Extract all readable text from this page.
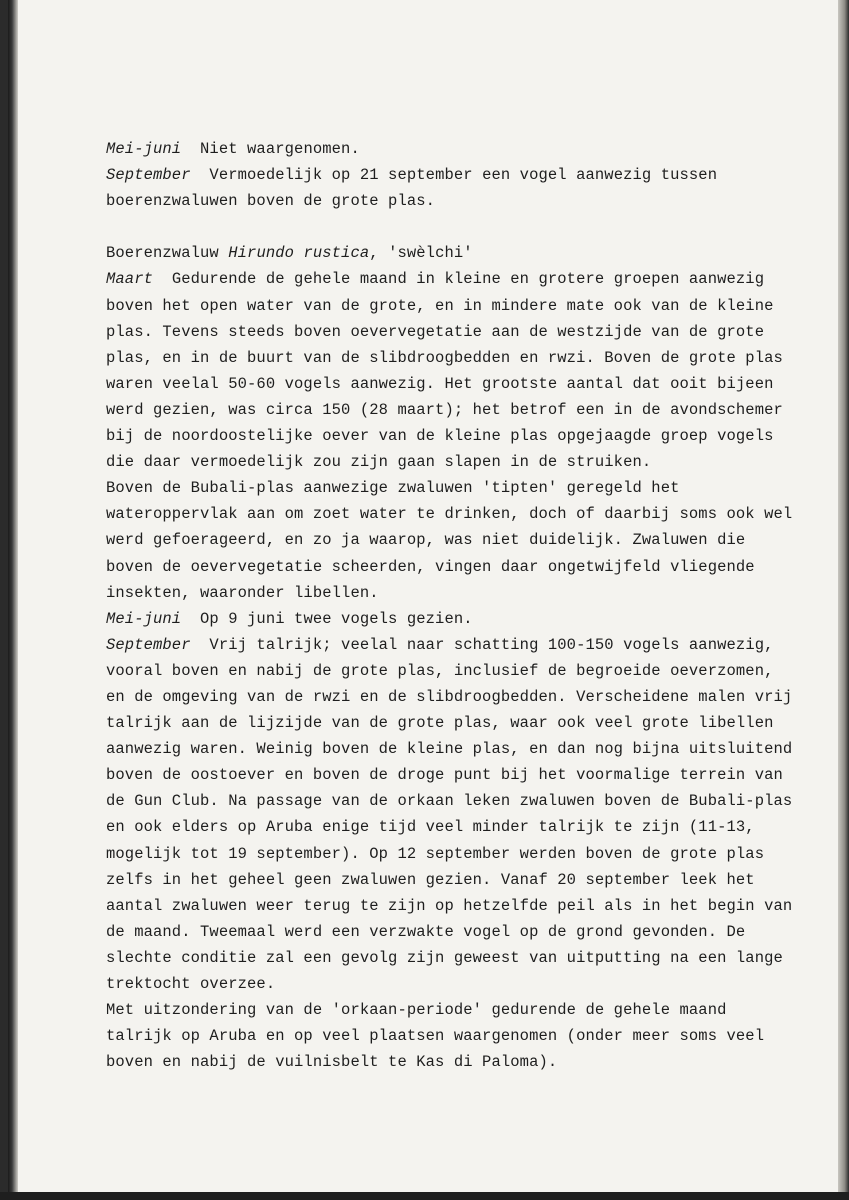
Mei-juni  Niet waargenomen.
September  Vermoedelijk op 21 september een vogel aanwezig tussen
boerenzwaluwen boven de grote plas.
Boerenzwaluw Hirundo rustica, 'swèlchi'
Maart  Gedurende de gehele maand in kleine en grotere groepen aanwezig
boven het open water van de grote, en in mindere mate ook van de kleine
plas. Tevens steeds boven oevervegetatie aan de westzijde van de grote
plas, en in de buurt van de slibdroogbedden en rwzi. Boven de grote plas
waren veelal 50-60 vogels aanwezig. Het grootste aantal dat ooit bijeen
werd gezien, was circa 150 (28 maart); het betrof een in de avondschemer
bij de noordoostelijke oever van de kleine plas opgejaagde groep vogels
die daar vermoedelijk zou zijn gaan slapen in de struiken.
Boven de Bubali-plas aanwezige zwaluwen 'tipten' geregeld het
wateroppervlak aan om zoet water te drinken, doch of daarbij soms ook wel
werd gefoerageerd, en zo ja waarop, was niet duidelijk. Zwaluwen die
boven de oevervegetatie scheerden, vingen daar ongetwijfeld vliegende
insekten, waaronder libellen.
Mei-juni  Op 9 juni twee vogels gezien.
September  Vrij talrijk; veelal naar schatting 100-150 vogels aanwezig,
vooral boven en nabij de grote plas, inclusief de begroeide oeverzomen,
en de omgeving van de rwzi en de slibdroogbedden. Verscheidene malen vrij
talrijk aan de lijzijde van de grote plas, waar ook veel grote libellen
aanwezig waren. Weinig boven de kleine plas, en dan nog bijna uitsluitend
boven de oostoever en boven de droge punt bij het voormalige terrein van
de Gun Club. Na passage van de orkaan leken zwaluwen boven de Bubali-plas
en ook elders op Aruba enige tijd veel minder talrijk te zijn (11-13,
mogelijk tot 19 september). Op 12 september werden boven de grote plas
zelfs in het geheel geen zwaluwen gezien. Vanaf 20 september leek het
aantal zwaluwen weer terug te zijn op hetzelfde peil als in het begin van
de maand. Tweemaal werd een verzwakte vogel op de grond gevonden. De
slechte conditie zal een gevolg zijn geweest van uitputting na een lange
trektocht overzee.
Met uitzondering van de 'orkaan-periode' gedurende de gehele maand
talrijk op Aruba en op veel plaatsen waargenomen (onder meer soms veel
boven en nabij de vuilnisbelt te Kas di Paloma).
